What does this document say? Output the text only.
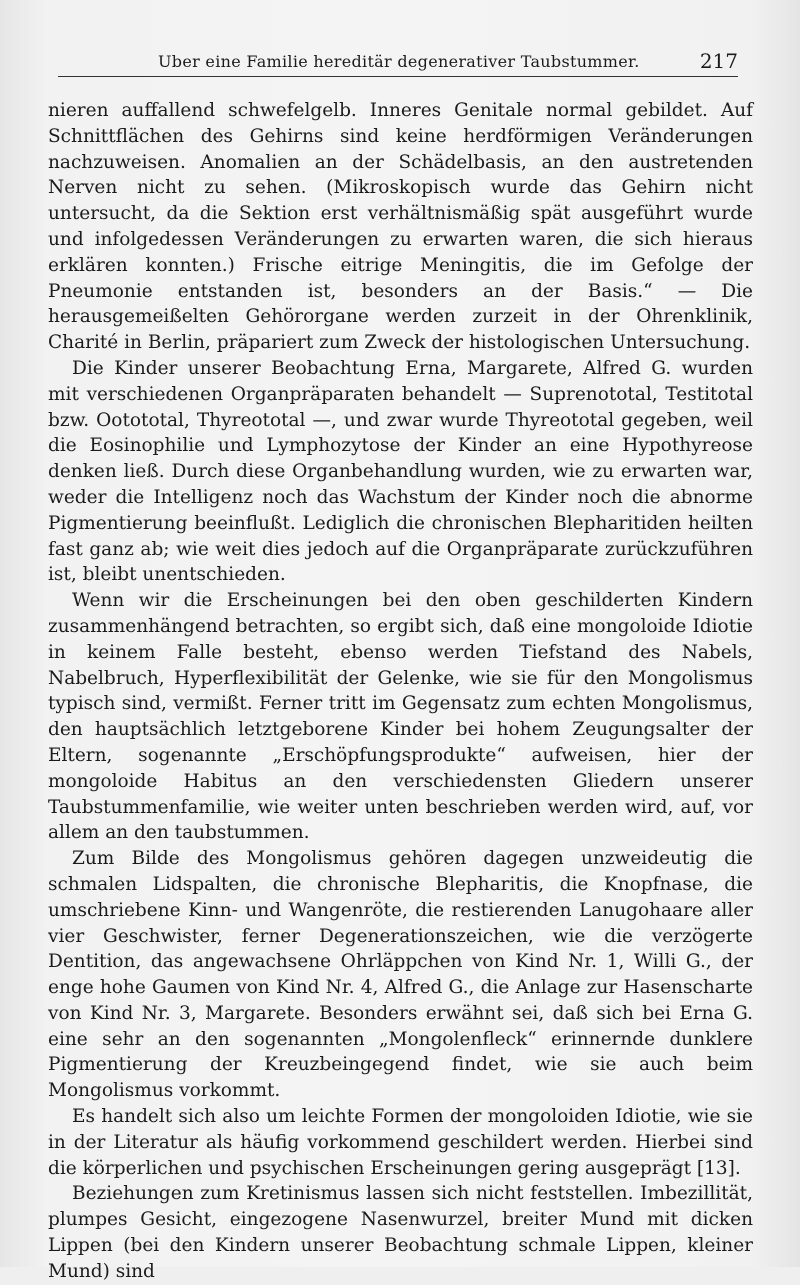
Uber eine Familie hereditär degenerativer Taubstummer.	217

nieren auffallend schwefelgelb. Inneres Genitale normal gebildet. Auf Schnittflächen des Gehirns sind keine herdförmigen Veränderungen nachzuweisen. Anomalien an der Schädelbasis, an den austretenden Nerven nicht zu sehen. (Mikroskopisch wurde das Gehirn nicht untersucht, da die Sektion erst verhältnismäßig spät ausgeführt wurde und infolgedessen Veränderungen zu erwarten waren, die sich hieraus erklären konnten.) Frische eitrige Meningitis, die im Gefolge der Pneumonie entstanden ist, besonders an der Basis.“ — Die herausgemeißelten Gehörorgane werden zurzeit in der Ohrenklinik, Charité in Berlin, präpariert zum Zweck der histologischen Untersuchung.

Die Kinder unserer Beobachtung Erna, Margarete, Alfred G. wurden mit verschiedenen Organpräparaten behandelt — Suprenototal, Testitotal bzw. Ootototal, Thyreototal —, und zwar wurde Thyreototal gegeben, weil die Eosinophilie und Lymphozytose der Kinder an eine Hypothyreose denken ließ. Durch diese Organbehandlung wurden, wie zu erwarten war, weder die Intelligenz noch das Wachstum der Kinder noch die abnorme Pigmentierung beeinflußt. Lediglich die chronischen Blepharitiden heilten fast ganz ab; wie weit dies jedoch auf die Organpräparate zurückzuführen ist, bleibt unentschieden.

Wenn wir die Erscheinungen bei den oben geschilderten Kindern zusammenhängend betrachten, so ergibt sich, daß eine mongoloide Idiotie in keinem Falle besteht, ebenso werden Tiefstand des Nabels, Nabelbruch, Hyperflexibilität der Gelenke, wie sie für den Mongolismus typisch sind, vermißt. Ferner tritt im Gegensatz zum echten Mongolismus, den hauptsächlich letztgeborene Kinder bei hohem Zeugungsalter der Eltern, sogenannte „Erschöpfungsprodukte“ aufweisen, hier der mongoloide Habitus an den verschiedensten Gliedern unserer Taubstummenfamilie, wie weiter unten beschrieben werden wird, auf, vor allem an den taubstummen.

Zum Bilde des Mongolismus gehören dagegen unzweideutig die schmalen Lidspalten, die chronische Blepharitis, die Knopfnase, die umschriebene Kinn- und Wangenröte, die restierenden Lanugohaare aller vier Geschwister, ferner Degenerationszeichen, wie die verzögerte Dentition, das angewachsene Ohrläppchen von Kind Nr. 1, Willi G., der enge hohe Gaumen von Kind Nr. 4, Alfred G., die Anlage zur Hasenscharte von Kind Nr. 3, Margarete. Besonders erwähnt sei, daß sich bei Erna G. eine sehr an den sogenannten „Mongolenfleck“ erinnernde dunklere Pigmentierung der Kreuzbeingegend findet, wie sie auch beim Mongolismus vorkommt.

Es handelt sich also um leichte Formen der mongoloiden Idiotie, wie sie in der Literatur als häufig vorkommend geschildert werden. Hierbei sind die körperlichen und psychischen Erscheinungen gering ausgeprägt [13].

Beziehungen zum Kretinismus lassen sich nicht feststellen. Imbezillität, plumpes Gesicht, eingezogene Nasenwurzel, breiter Mund mit dicken Lippen (bei den Kindern unserer Beobachtung schmale Lippen, kleiner Mund) sind
